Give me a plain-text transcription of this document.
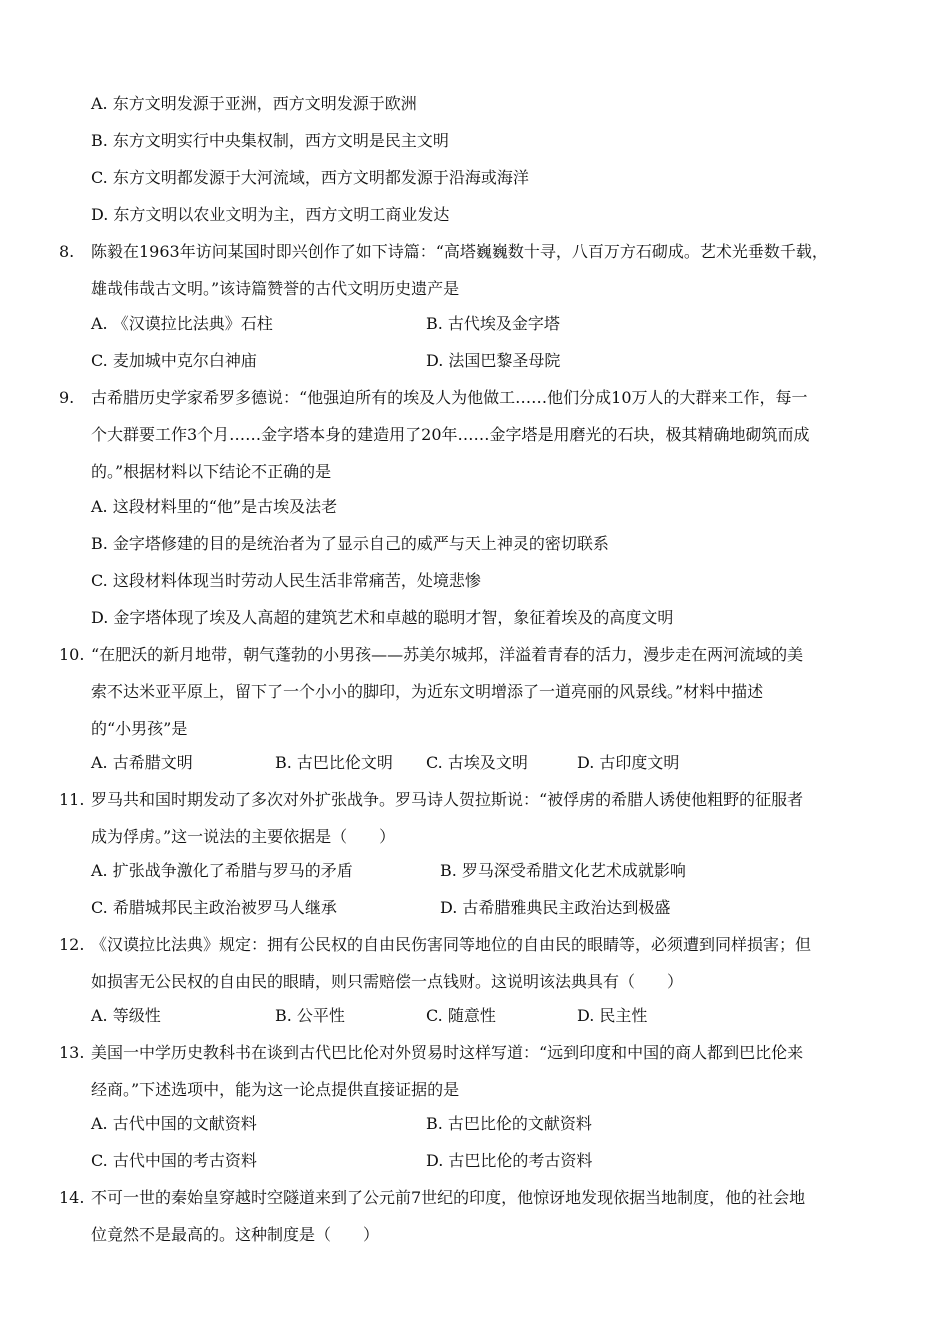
A. 东方文明发源于亚洲，西方文明发源于欧洲
B. 东方文明实行中央集权制，西方文明是民主文明
C. 东方文明都发源于大河流域，西方文明都发源于沿海或海洋
D. 东方文明以农业文明为主，西方文明工商业发达
8. 陈毅在1963年访问某国时即兴创作了如下诗篇：“高塔巍巍数十寻，八百万方石砌成。艺术光垂数千载，
雄哉伟哉古文明。”该诗篇赞誉的古代文明历史遗产是
A. 《汉谟拉比法典》石柱	B. 古代埃及金字塔
C. 麦加城中克尔白神庙	D. 法国巴黎圣母院
9. 古希腊历史学家希罗多德说：“他强迫所有的埃及人为他做工……他们分成10万人的大群来工作，每一
个大群要工作3个月……金字塔本身的建造用了20年……金字塔是用磨光的石块，极其精确地砌筑而成
的。”根据材料以下结论不正确的是
A. 这段材料里的“他”是古埃及法老
B. 金字塔修建的目的是统治者为了显示自己的威严与天上神灵的密切联系
C. 这段材料体现当时劳动人民生活非常痛苦，处境悲惨
D. 金字塔体现了埃及人高超的建筑艺术和卓越的聪明才智，象征着埃及的高度文明
10. “在肥沃的新月地带，朝气蓬勃的小男孩——苏美尔城邦，洋溢着青春的活力，漫步走在两河流域的美
索不达米亚平原上，留下了一个小小的脚印，为近东文明增添了一道亮丽的风景线。”材料中描述
的“小男孩”是
A. 古希腊文明	B. 古巴比伦文明 C. 古埃及文明	D. 古印度文明
11. 罗马共和国时期发动了多次对外扩张战争。罗马诗人贺拉斯说：“被俘虏的希腊人诱使他粗野的征服者
成为俘虏。”这一说法的主要依据是（　　）
A. 扩张战争激化了希腊与罗马的矛盾	B. 罗马深受希腊文化艺术成就影响
C. 希腊城邦民主政治被罗马人继承	D. 古希腊雅典民主政治达到极盛
12. 《汉谟拉比法典》规定：拥有公民权的自由民伤害同等地位的自由民的眼睛等，必须遭到同样损害；但
如损害无公民权的自由民的眼睛，则只需赔偿一点钱财。这说明该法典具有（　　）
A. 等级性	B. 公平性	C. 随意性	D. 民主性
13. 美国一中学历史教科书在谈到古代巴比伦对外贸易时这样写道：“远到印度和中国的商人都到巴比伦来
经商。”下述选项中，能为这一论点提供直接证据的是
A. 古代中国的文献资料	B. 古巴比伦的文献资料
C. 古代中国的考古资料	D. 古巴比伦的考古资料
14. 不可一世的秦始皇穿越时空隧道来到了公元前7世纪的印度，他惊讶地发现依据当地制度，他的社会地
位竟然不是最高的。这种制度是（　　）
